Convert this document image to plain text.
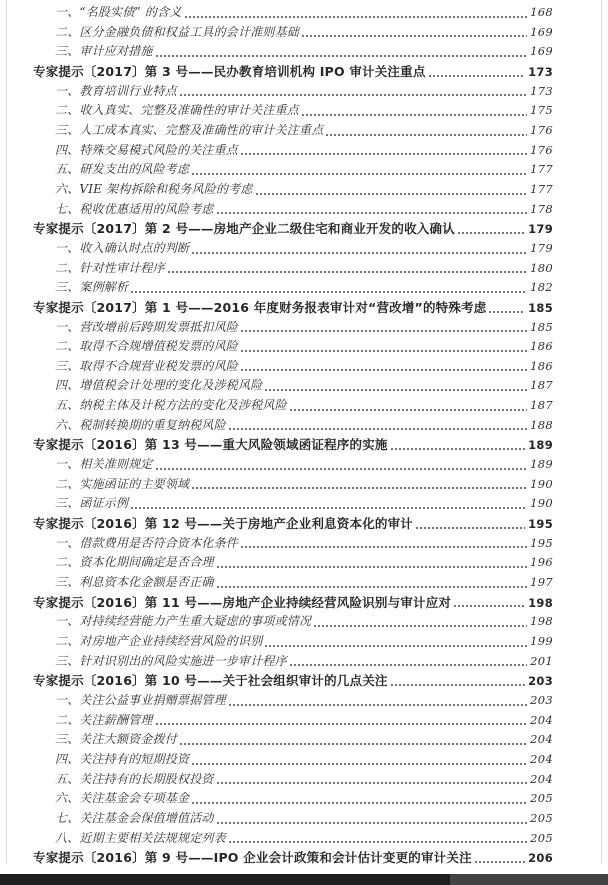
一、“名股实债” 的含义	168
二、区分金融负债和权益工具的会计准则基础	169
三、审计应对措施	169
专家提示〔2017〕第 3 号——民办教育培训机构 IPO 审计关注重点	173
一、教育培训行业特点	173
二、收入真实、完整及准确性的审计关注重点	175
三、人工成本真实、完整及准确性的审计关注重点	176
四、特殊交易模式风险的关注重点	176
五、研发支出的风险考虑	177
六、VIE 架构拆除和税务风险的考虑	177
七、税收优惠适用的风险考虑	178
专家提示〔2017〕第 2 号——房地产企业二级住宅和商业开发的收入确认	179
一、收入确认时点的判断	179
二、针对性审计程序	180
三、案例解析	182
专家提示〔2017〕第 1 号——2016 年度财务报表审计对“营改增”的特殊考虑	185
一、营改增前后跨期发票抵扣风险	185
二、取得不合规增值税发票的风险	186
三、取得不合规营业税发票的风险	186
四、增值税会计处理的变化及涉税风险	187
五、纳税主体及计税方法的变化及涉税风险	187
六、税制转换期的重复纳税风险	188
专家提示〔2016〕第 13 号——重大风险领域函证程序的实施	189
一、相关准则规定	189
二、实施函证的主要领域	190
三、函证示例	190
专家提示〔2016〕第 12 号——关于房地产企业利息资本化的审计	195
一、借款费用是否符合资本化条件	195
二、资本化期间确定是否合理	196
三、利息资本化金额是否正确	197
专家提示〔2016〕第 11 号——房地产企业持续经营风险识别与审计应对	198
一、对持续经营能力产生重大疑虑的事项或情况	198
二、对房地产企业持续经营风险的识别	199
三、针对识别出的风险实施进一步审计程序	201
专家提示〔2016〕第 10 号——关于社会组织审计的几点关注	203
一、关注公益事业捐赠票据管理	203
二、关注薪酬管理	204
三、关注大额资金拨付	204
四、关注持有的短期投资	204
五、关注持有的长期股权投资	204
六、关注基金会专项基金	205
七、关注基金会保值增值活动	205
八、近期主要相关法规规定列表	205
专家提示〔2016〕第 9 号——IPO 企业会计政策和会计估计变更的审计关注	206
